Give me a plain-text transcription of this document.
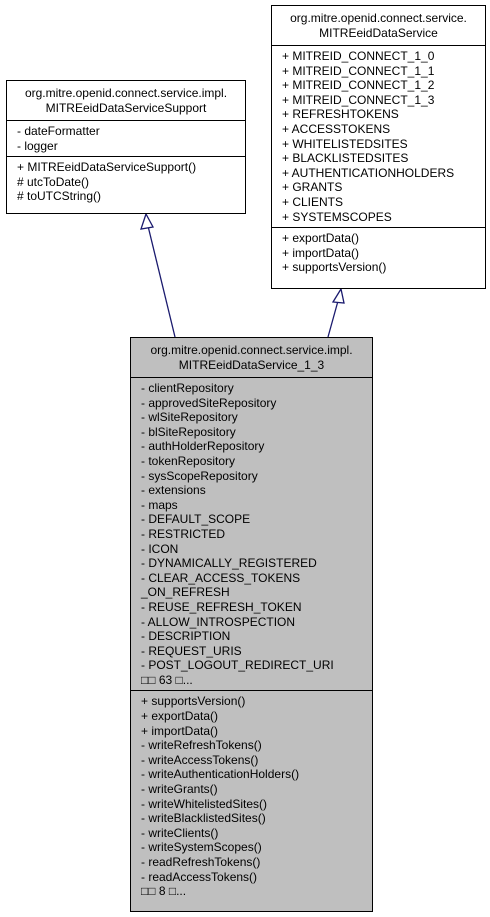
org.mitre.openid.connect.service.impl.
MITREeidDataServiceSupport
- dateFormatter
- logger
+ MITREeidDataServiceSupport()
# utcToDate()
# toUTCString()
org.mitre.openid.connect.service.
MITREeidDataService
+ MITREID_CONNECT_1_0
+ MITREID_CONNECT_1_1
+ MITREID_CONNECT_1_2
+ MITREID_CONNECT_1_3
+ REFRESHTOKENS
+ ACCESSTOKENS
+ WHITELISTEDSITES
+ BLACKLISTEDSITES
+ AUTHENTICATIONHOLDERS
+ GRANTS
+ CLIENTS
+ SYSTEMSCOPES
+ exportData()
+ importData()
+ supportsVersion()
org.mitre.openid.connect.service.impl.
MITREeidDataService_1_3
- clientRepository
- approvedSiteRepository
- wlSiteRepository
- blSiteRepository
- authHolderRepository
- tokenRepository
- sysScopeRepository
- extensions
- maps
- DEFAULT_SCOPE
- RESTRICTED
- ICON
- DYNAMICALLY_REGISTERED
- CLEAR_ACCESS_TOKENS
_ON_REFRESH
- REUSE_REFRESH_TOKEN
- ALLOW_INTROSPECTION
- DESCRIPTION
- REQUEST_URIS
- POST_LOGOUT_REDIRECT_URI
□□ 63 □...
+ supportsVersion()
+ exportData()
+ importData()
- writeRefreshTokens()
- writeAccessTokens()
- writeAuthenticationHolders()
- writeGrants()
- writeWhitelistedSites()
- writeBlacklistedSites()
- writeClients()
- writeSystemScopes()
- readRefreshTokens()
- readAccessTokens()
□□ 8 □...
